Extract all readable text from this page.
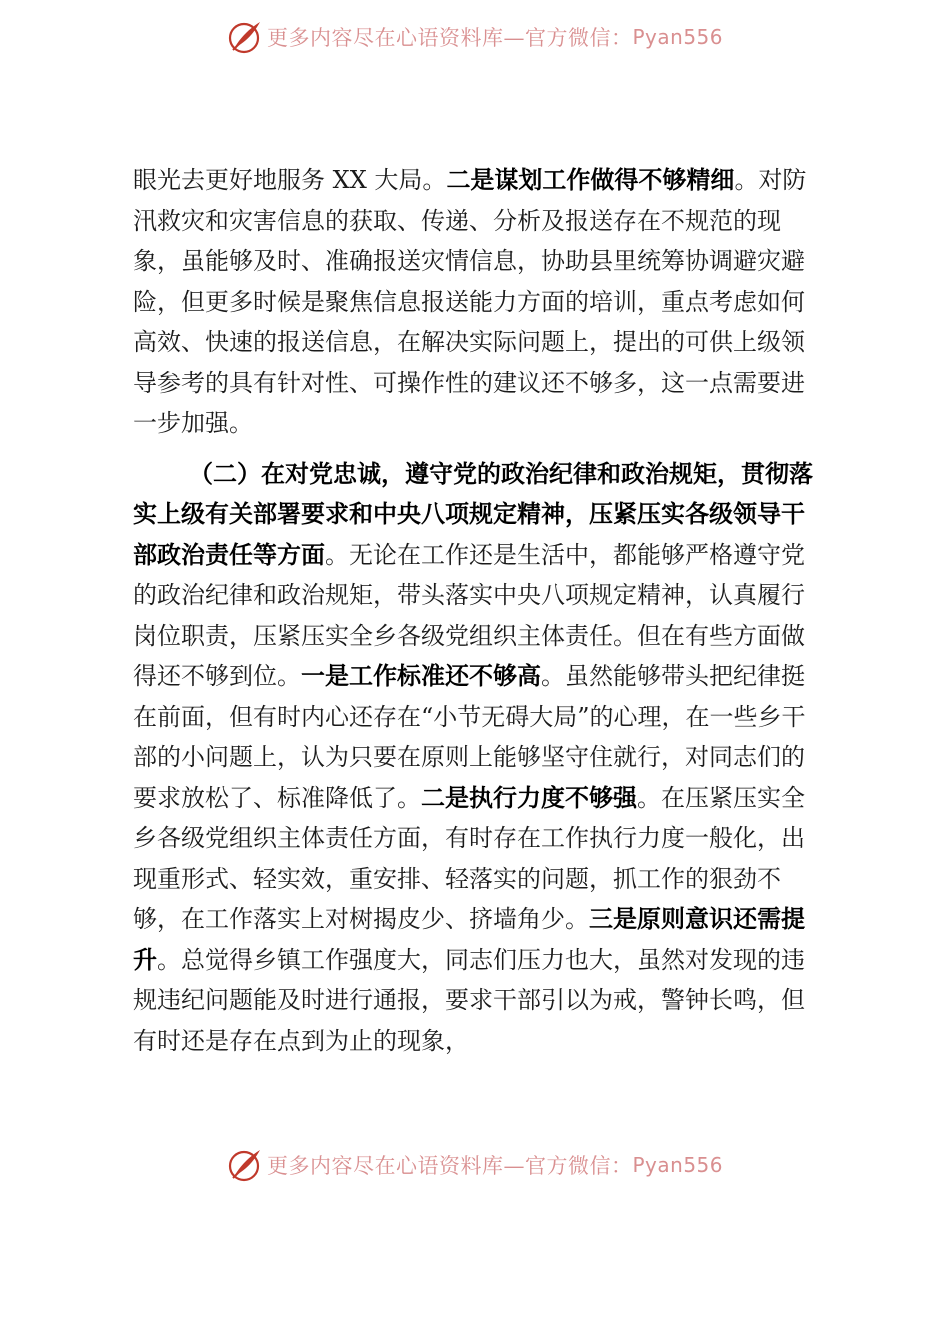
更多内容尽在心语资料库—官方微信： Pyan556

眼光去更好地服务 XX 大局。二是谋划工作做得不够精细。对防汛救灾和灾害信息的获取、传递、分析及报送存在不规范的现象，虽能够及时、准确报送灾情信息，协助县里统筹协调避灾避险，但更多时候是聚焦信息报送能力方面的培训，重点考虑如何高效、快速的报送信息，在解决实际问题上，提出的可供上级领导参考的具有针对性、可操作性的建议还不够多，这一点需要进一步加强。

（二）在对党忠诚，遵守党的政治纪律和政治规矩，贯彻落实上级有关部署要求和中央八项规定精神，压紧压实各级领导干部政治责任等方面。无论在工作还是生活中，都能够严格遵守党的政治纪律和政治规矩，带头落实中央八项规定精神，认真履行岗位职责，压紧压实全乡各级党组织主体责任。但在有些方面做得还不够到位。一是工作标准还不够高。虽然能够带头把纪律挺在前面，但有时内心还存在“小节无碍大局”的心理，在一些乡干部的小问题上，认为只要在原则上能够坚守住就行，对同志们的要求放松了、标准降低了。二是执行力度不够强。在压紧压实全乡各级党组织主体责任方面，有时存在工作执行力度一般化，出现重形式、轻实效，重安排、轻落实的问题，抓工作的狠劲不够，在工作落实上对树揭皮少、挤墙角少。三是原则意识还需提升。总觉得乡镇工作强度大，同志们压力也大，虽然对发现的违规违纪问题能及时进行通报，要求干部引以为戒，警钟长鸣，但有时还是存在点到为止的现象，

更多内容尽在心语资料库—官方微信： Pyan556
